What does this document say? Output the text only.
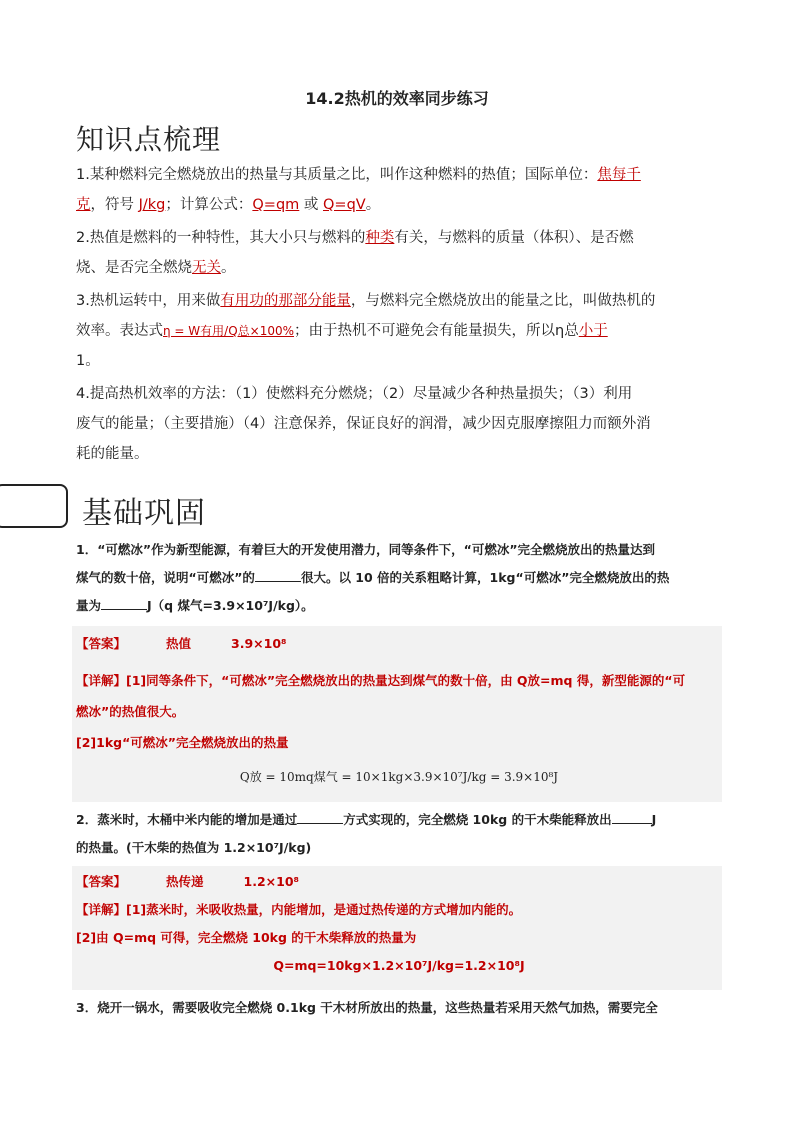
14.2热机的效率同步练习
知识点梳理
1.某种燃料完全燃烧放出的热量与其质量之比，叫作这种燃料的热值；国际单位：焦每千
克，符号 J/kg；计算公式：Q=qm 或 Q=qV。
2.热值是燃料的一种特性，其大小只与燃料的种类有关，与燃料的质量（体积）、是否燃
烧、是否完全燃烧无关。
3.热机运转中，用来做有用功的那部分能量，与燃料完全燃烧放出的能量之比，叫做热机的
效率。表达式η = W有用/Q总×100%；由于热机不可避免会有能量损失，所以η总小于
1。
4.提高热机效率的方法：（1）使燃料充分燃烧；（2）尽量减少各种热量损失；（3）利用
废气的能量；（主要措施）（4）注意保养，保证良好的润滑，减少因克服摩擦阻力而额外消
耗的能量。
基础巩固
1．“可燃冰”作为新型能源，有着巨大的开发使用潜力，同等条件下，“可燃冰”完全燃烧放出的热量达到
煤气的数十倍，说明“可燃冰”的	很大。以 10 倍的关系粗略计算，1kg“可燃冰”完全燃烧放出的热
量为	J（q 煤气=3.9×10⁷J/kg）。
【答案】	热值	3.9×10⁸
【详解】[1]同等条件下，“可燃冰”完全燃烧放出的热量达到煤气的数十倍，由 Q放=mq 得，新型能源的“可
燃冰”的热值很大。
[2]1kg“可燃冰”完全燃烧放出的热量
Q放 = 10mq煤气 = 10×1kg×3.9×10⁷J/kg = 3.9×10⁸J
2．蒸米时，木桶中米内能的增加是通过	方式实现的，完全燃烧 10kg 的干木柴能释放出	J
的热量。(干木柴的热值为 1.2×10⁷J/kg)
【答案】	热传递	1.2×10⁸
【详解】[1]蒸米时，米吸收热量，内能增加，是通过热传递的方式增加内能的。
[2]由 Q=mq 可得，完全燃烧 10kg 的干木柴释放的热量为
Q=mq=10kg×1.2×10⁷J/kg=1.2×10⁸J
3．烧开一锅水，需要吸收完全燃烧 0.1kg 干木材所放出的热量，这些热量若采用天然气加热，需要完全
